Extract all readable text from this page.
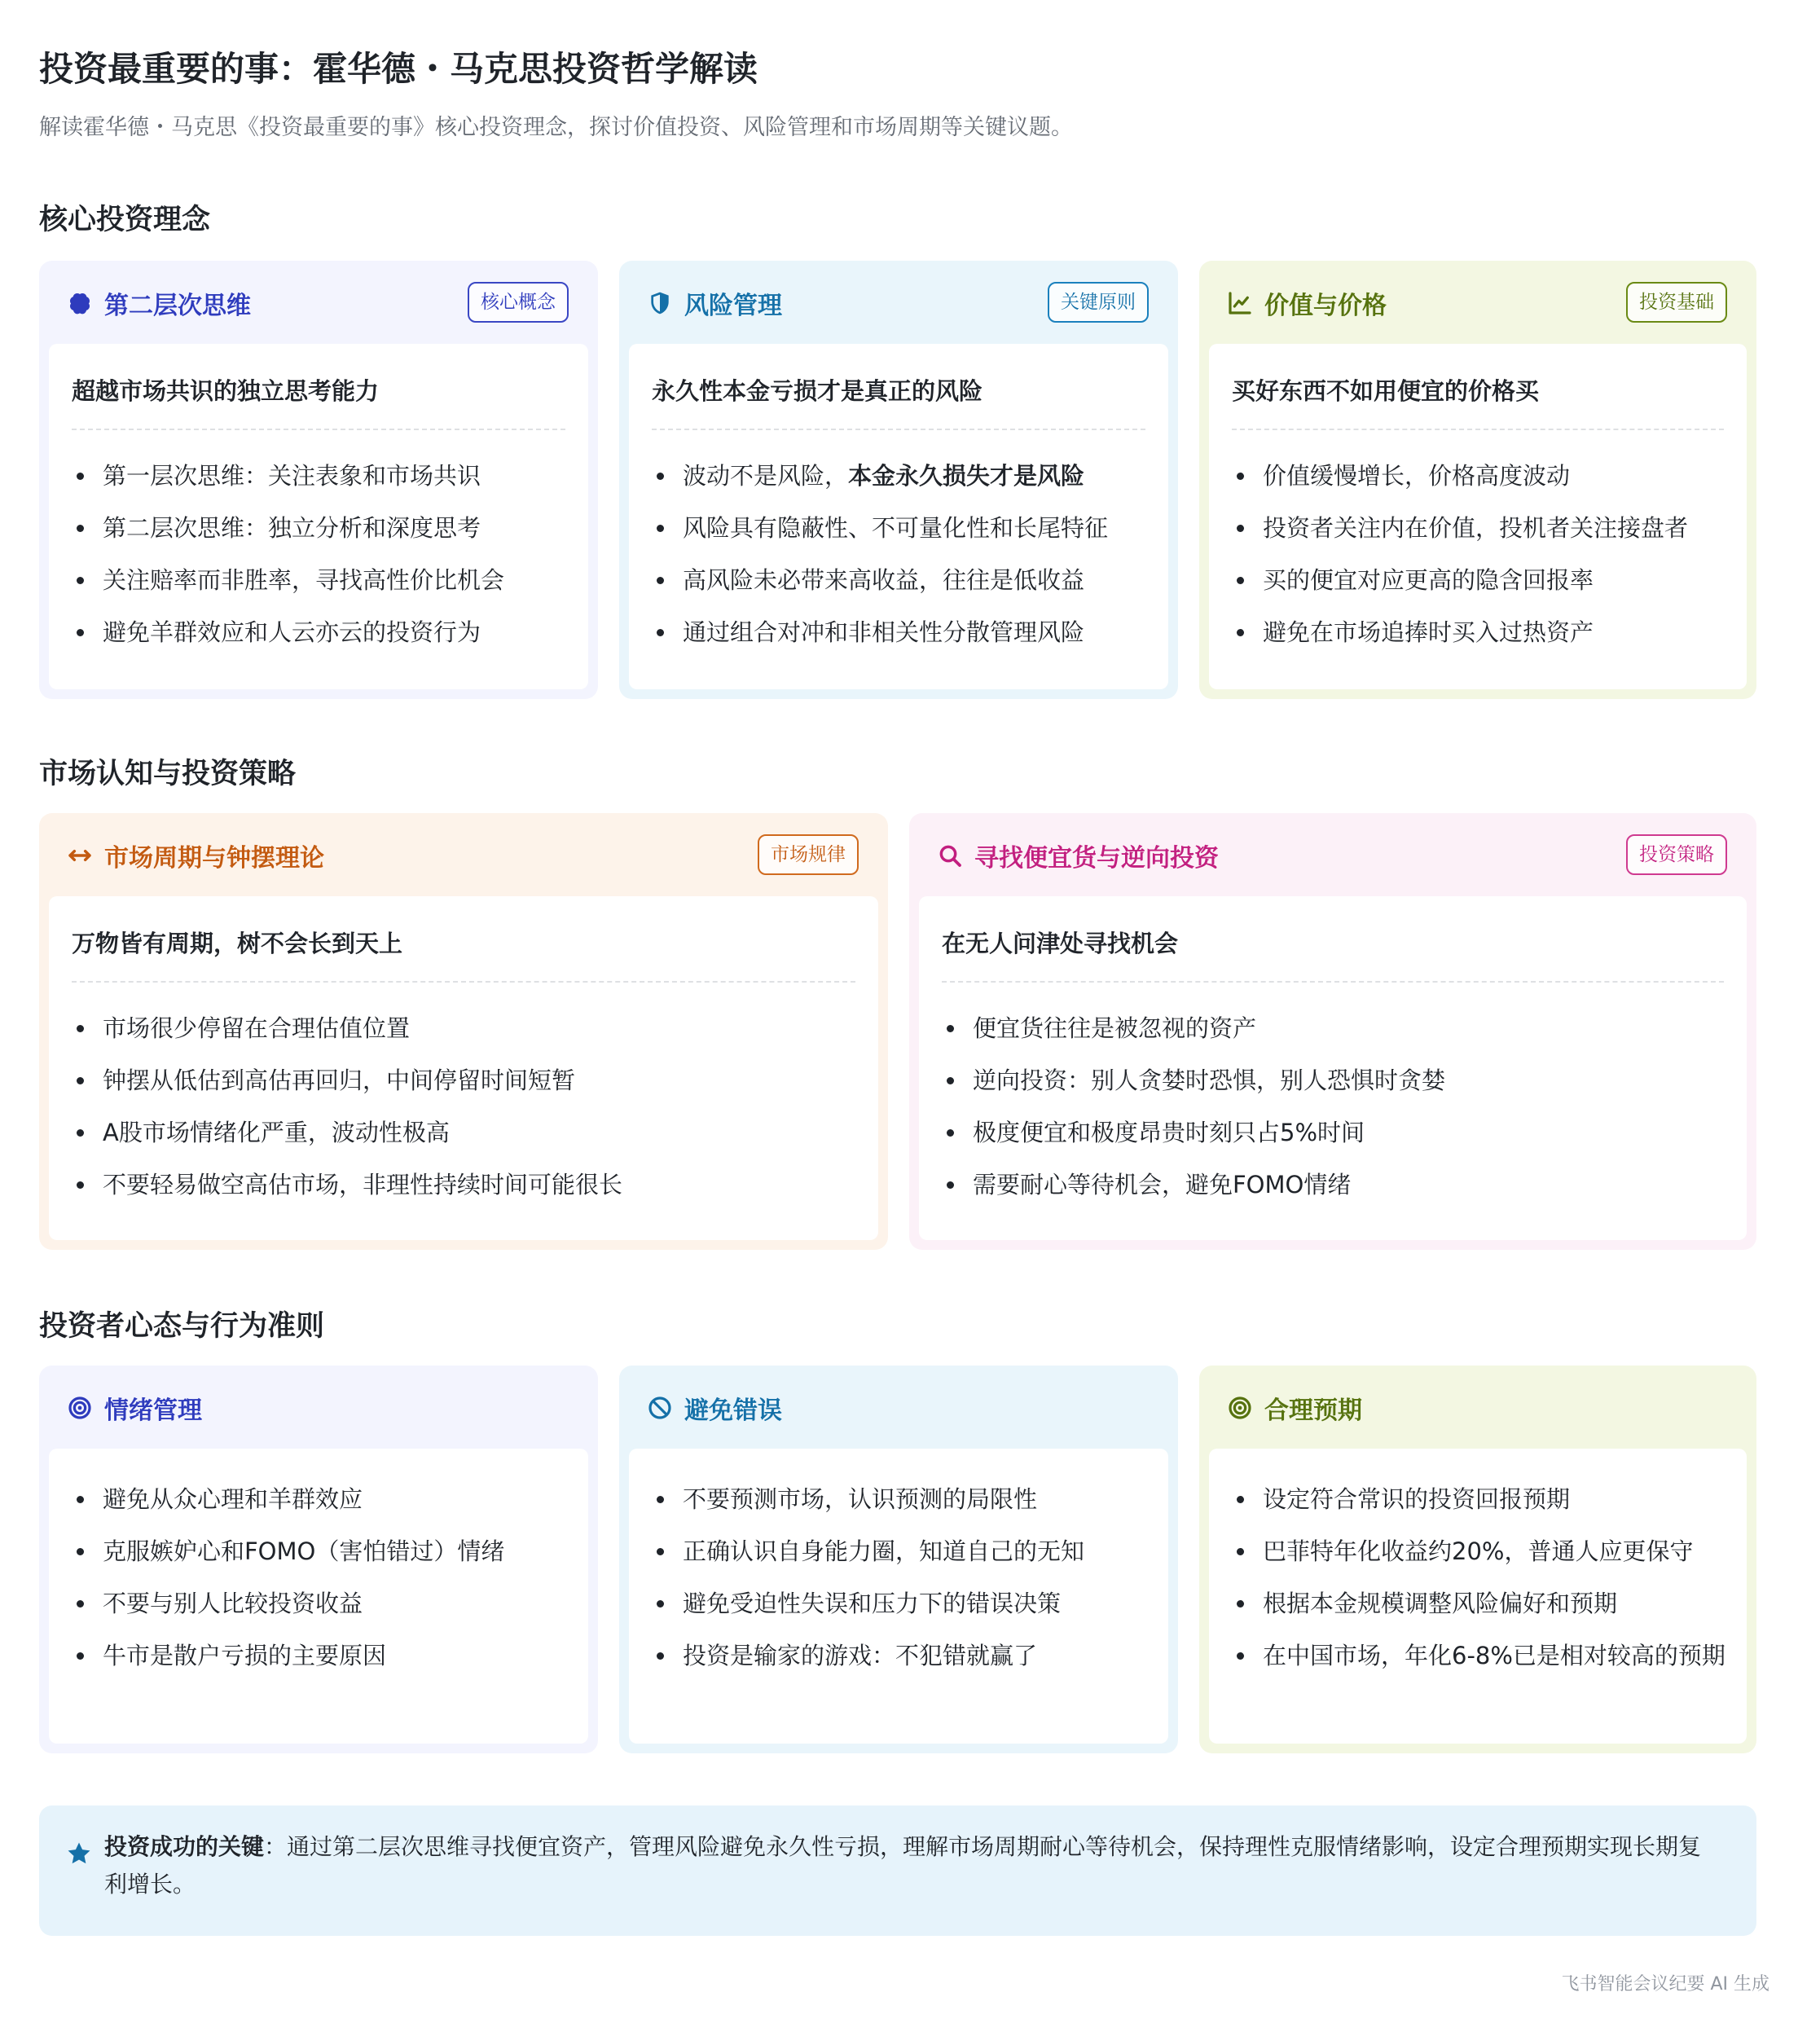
投资最重要的事：霍华德・马克思投资哲学解读
解读霍华德・马克思《投资最重要的事》核心投资理念，探讨价值投资、风险管理和市场周期等关键议题。
核心投资理念
第二层次思维	核心概念
超越市场共识的独立思考能力
第一层次思维：关注表象和市场共识
第二层次思维：独立分析和深度思考
关注赔率而非胜率，寻找高性价比机会
避免羊群效应和人云亦云的投资行为
风险管理	关键原则
永久性本金亏损才是真正的风险
波动不是风险，本金永久损失才是风险
风险具有隐蔽性、不可量化性和长尾特征
高风险未必带来高收益，往往是低收益
通过组合对冲和非相关性分散管理风险
价值与价格	投资基础
买好东西不如用便宜的价格买
价值缓慢增长，价格高度波动
投资者关注内在价值，投机者关注接盘者
买的便宜对应更高的隐含回报率
避免在市场追捧时买入过热资产
市场认知与投资策略
市场周期与钟摆理论	市场规律
万物皆有周期，树不会长到天上
市场很少停留在合理估值位置
钟摆从低估到高估再回归，中间停留时间短暂
A股市场情绪化严重，波动性极高
不要轻易做空高估市场，非理性持续时间可能很长
寻找便宜货与逆向投资	投资策略
在无人问津处寻找机会
便宜货往往是被忽视的资产
逆向投资：别人贪婪时恐惧，别人恐惧时贪婪
极度便宜和极度昂贵时刻只占5%时间
需要耐心等待机会，避免FOMO情绪
投资者心态与行为准则
情绪管理
避免从众心理和羊群效应
克服嫉妒心和FOMO（害怕错过）情绪
不要与别人比较投资收益
牛市是散户亏损的主要原因
避免错误
不要预测市场，认识预测的局限性
正确认识自身能力圈，知道自己的无知
避免受迫性失误和压力下的错误决策
投资是输家的游戏：不犯错就赢了
合理预期
设定符合常识的投资回报预期
巴菲特年化收益约20%，普通人应更保守
根据本金规模调整风险偏好和预期
在中国市场，年化6-8%已是相对较高的预期
投资成功的关键：通过第二层次思维寻找便宜资产，管理风险避免永久性亏损，理解市场周期耐心等待机会，保持理性克服情绪影响，设定合理预期实现长期复利增长。
飞书智能会议纪要 AI 生成
